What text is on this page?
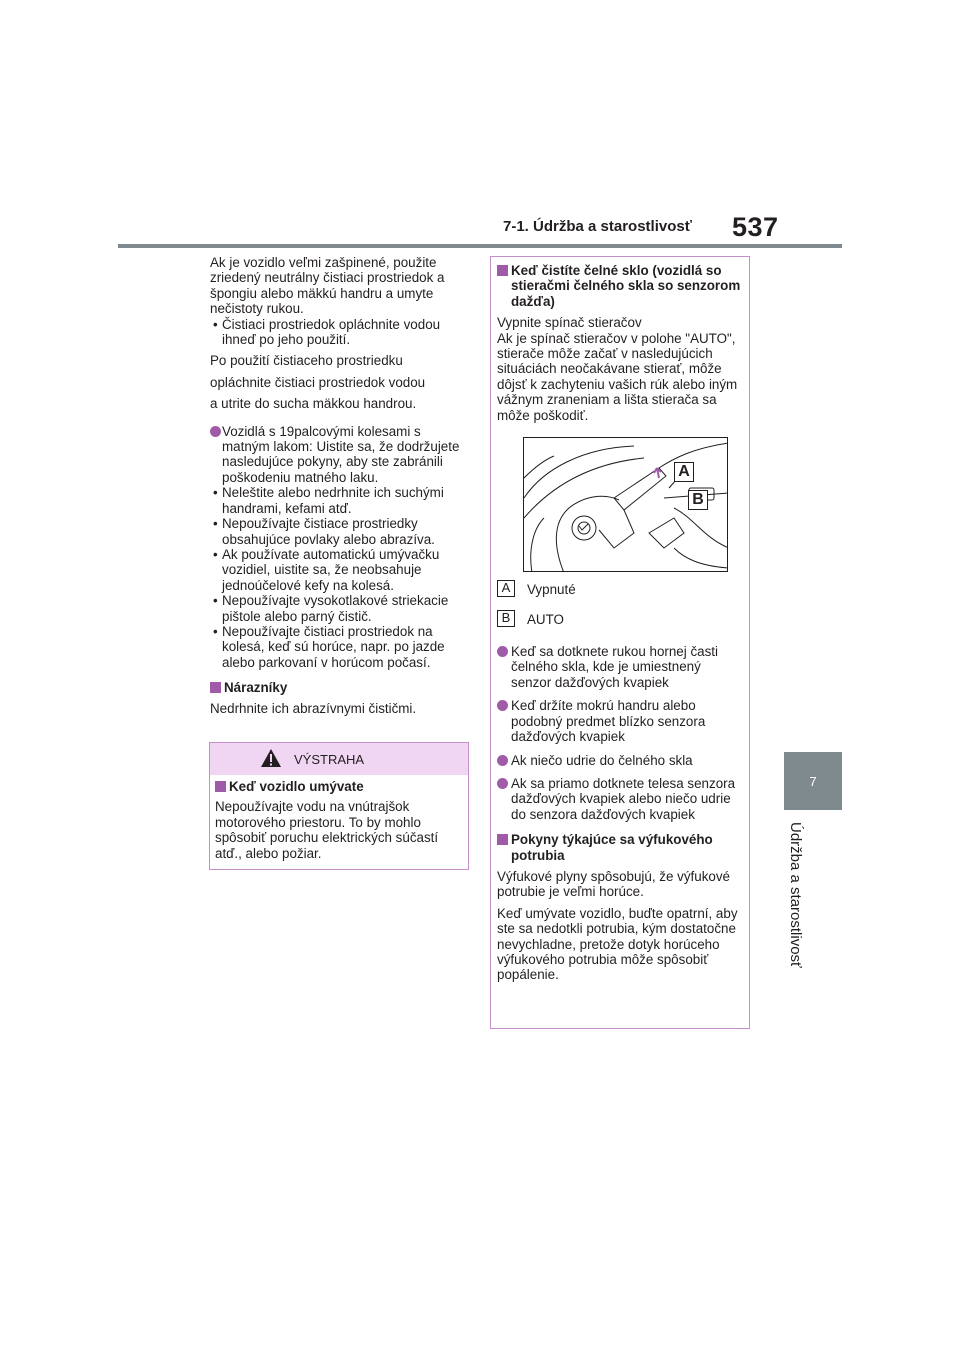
7-1. Údržba a starostlivosť 537
7
Údržba a starostlivosť

Ak je vozidlo veľmi zašpinené, použite zriedený neutrálny čistiaci prostriedok a špongiu alebo mäkkú handru a umyte nečistoty rukou.

• Čistiaci prostriedok opláchnite vodou ihneď po jeho použití.

Po použití čistiaceho prostriedku

opláchnite čistiaci prostriedok vodou

a utrite do sucha mäkkou handrou.

Vozidlá s 19palcovými kolesami s matným lakom: Uistite sa, že dodržujete nasledujúce pokyny, aby ste zabránili poškodeniu matného laku.
• Neleštite alebo nedrhnite ich suchými handrami, kefami atď.
• Nepoužívajte čistiace prostriedky obsahujúce povlaky alebo abrazíva.
• Ak používate automatickú umývačku vozidiel, uistite sa, že neobsahuje jednoúčelové kefy na kolesá.
• Nepoužívajte vysokotlakové striekacie pištole alebo parný čistič.
• Nepoužívajte čistiaci prostriedok na kolesá, keď sú horúce, napr. po jazde alebo parkovaní v horúcom počasí.
Nárazníky

Nedrhnite ich abrazívnymi čističmi.

VÝSTRAHA
Keď vozidlo umývate
Nepoužívajte vodu na vnútrajšok motorového priestoru. To by mohlo spôsobiť poruchu elektrických súčastí atď., alebo požiar.
Keď čistíte čelné sklo (vozidlá so stieračmi čelného skla so senzorom dažďa)

Vypnite spínač stieračov

Ak je spínač stieračov v polohe "AUTO", stierače môže začať v nasledujúcich situáciách neočakávane stierať, môže dôjsť k zachyteniu vašich rúk alebo iným vážnym zraneniam a lišta stierača sa môže poškodiť.

A
B
A	Vypnuté
B	AUTO
Keď sa dotknete rukou hornej časti čelného skla, kde je umiestnený senzor dažďových kvapiek
Keď držíte mokrú handru alebo podobný predmet blízko senzora dažďových kvapiek
Ak niečo udrie do čelného skla
Ak sa priamo dotknete telesa senzora dažďových kvapiek alebo niečo udrie do senzora dažďových kvapiek
Pokyny týkajúce sa výfukového potrubia

Výfukové plyny spôsobujú, že výfukové potrubie je veľmi horúce.

Keď umývate vozidlo, buďte opatrní, aby ste sa nedotkli potrubia, kým dostatočne nevychladne, pretože dotyk horúceho výfukového potrubia môže spôsobiť popálenie.
